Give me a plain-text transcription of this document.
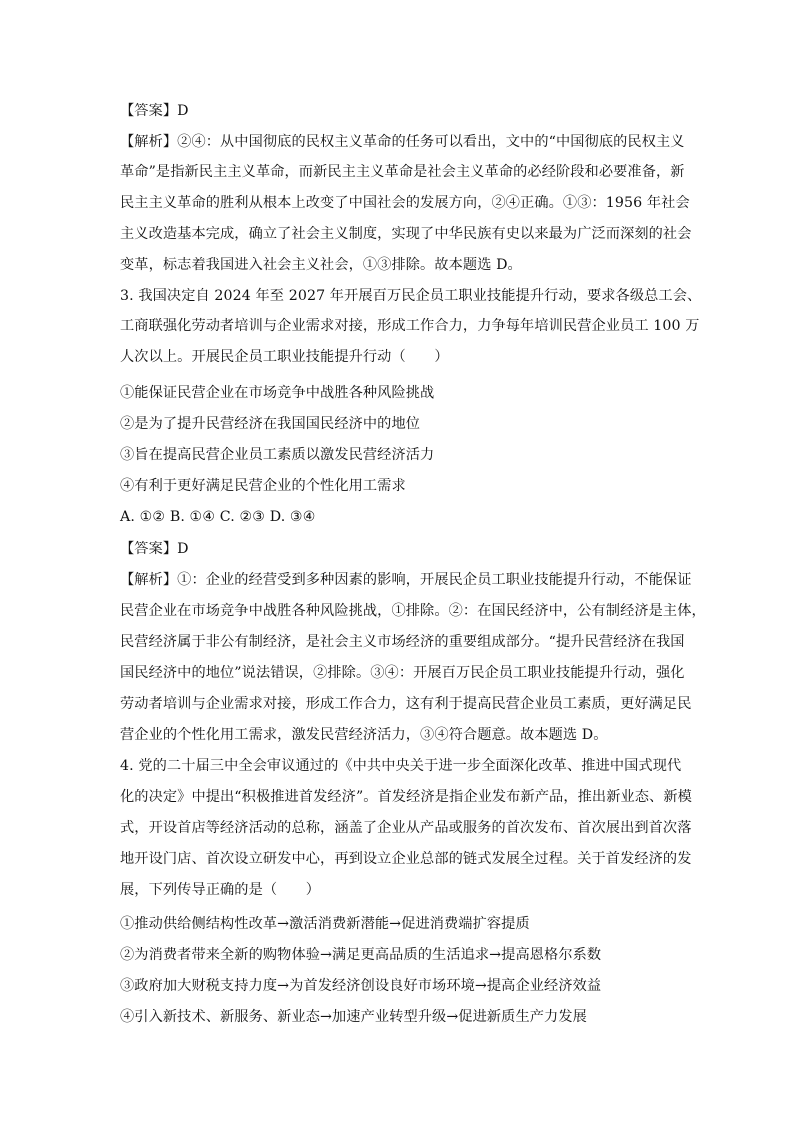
【答案】D
【解析】②④：从中国彻底的民权主义革命的任务可以看出，文中的“中国彻底的民权主义
革命”是指新民主主义革命，而新民主主义革命是社会主义革命的必经阶段和必要准备，新
民主主义革命的胜利从根本上改变了中国社会的发展方向，②④正确。①③：1956 年社会
主义改造基本完成，确立了社会主义制度，实现了中华民族有史以来最为广泛而深刻的社会
变革，标志着我国进入社会主义社会，①③排除。故本题选 D。
3. 我国决定自 2024 年至 2027 年开展百万民企员工职业技能提升行动，要求各级总工会、
工商联强化劳动者培训与企业需求对接，形成工作合力，力争每年培训民营企业员工 100 万
人次以上。开展民企员工职业技能提升行动（　　）
①能保证民营企业在市场竞争中战胜各种风险挑战
②是为了提升民营经济在我国国民经济中的地位
③旨在提高民营企业员工素质以激发民营经济活力
④有利于更好满足民营企业的个性化用工需求
A. ①② B. ①④ C. ②③ D. ③④
【答案】D
【解析】①：企业的经营受到多种因素的影响，开展民企员工职业技能提升行动，不能保证
民营企业在市场竞争中战胜各种风险挑战，①排除。②：在国民经济中，公有制经济是主体，
民营经济属于非公有制经济，是社会主义市场经济的重要组成部分。“提升民营经济在我国
国民经济中的地位”说法错误，②排除。③④：开展百万民企员工职业技能提升行动，强化
劳动者培训与企业需求对接，形成工作合力，这有利于提高民营企业员工素质，更好满足民
营企业的个性化用工需求，激发民营经济活力，③④符合题意。故本题选 D。
4. 党的二十届三中全会审议通过的《中共中央关于进一步全面深化改革、推进中国式现代
化的决定》中提出“积极推进首发经济”。首发经济是指企业发布新产品，推出新业态、新模
式，开设首店等经济活动的总称，涵盖了企业从产品或服务的首次发布、首次展出到首次落
地开设门店、首次设立研发中心，再到设立企业总部的链式发展全过程。关于首发经济的发
展，下列传导正确的是（　　）
①推动供给侧结构性改革→激活消费新潜能→促进消费端扩容提质
②为消费者带来全新的购物体验→满足更高品质的生活追求→提高恩格尔系数
③政府加大财税支持力度→为首发经济创设良好市场环境→提高企业经济效益
④引入新技术、新服务、新业态→加速产业转型升级→促进新质生产力发展
